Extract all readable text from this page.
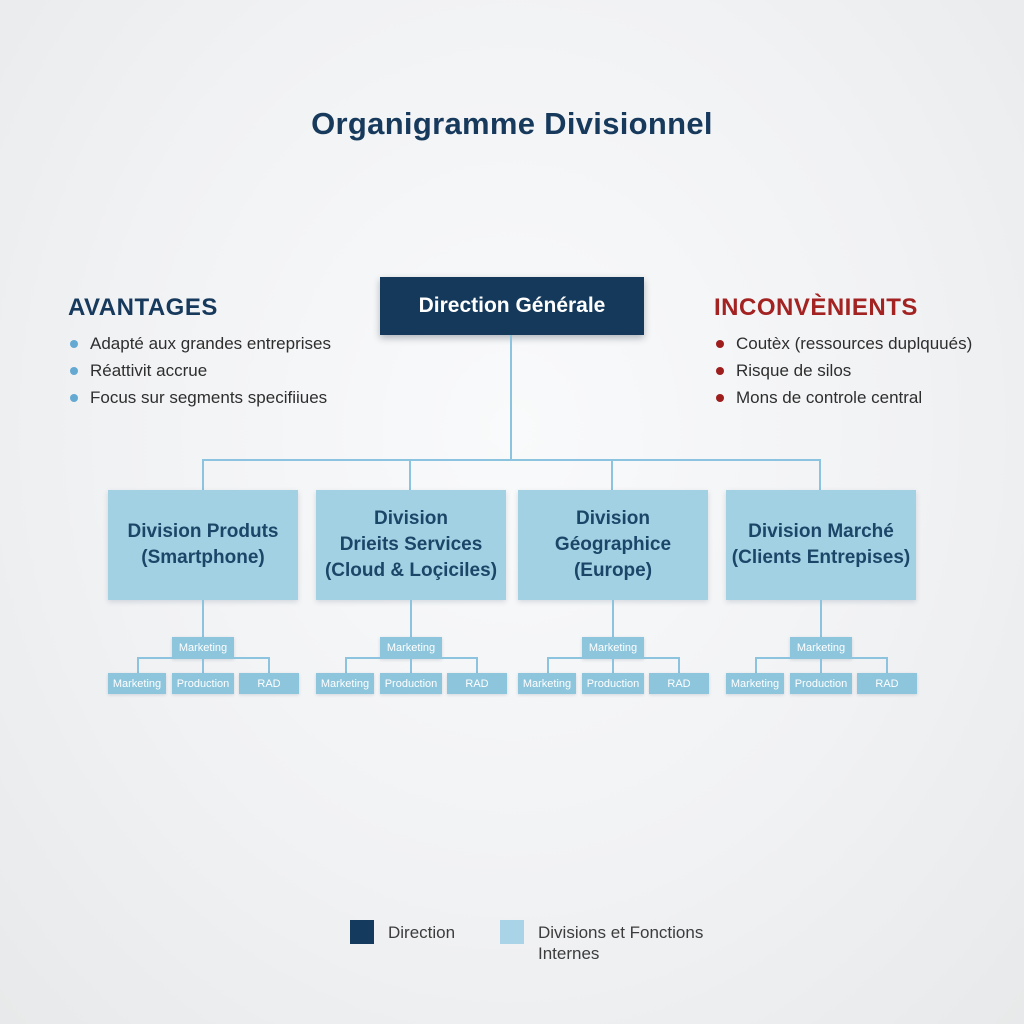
Organigramme Divisionnel
AVANTAGES
Adapté aux grandes entreprises
Réattivit accrue
Focus sur segments specifiiues
INCONVÈNIENTS
Coutèx (ressources duplquués)
Risque de silos
Mons de controle central
Direction Générale
Division Produts
(Smartphone)
Division
Drieits Services
(Cloud & Loçiciles)
Division
Géographice
(Europe)
Division Marché
(Clients Entrepises)
Marketing
Marketing	Production	RAD
Marketing
Marketing	Production	RAD
Marketing
Marketing	Production	RAD
Marketing
Marketing	Production	RAD
Direction	Divisions et Fonctions Internes
